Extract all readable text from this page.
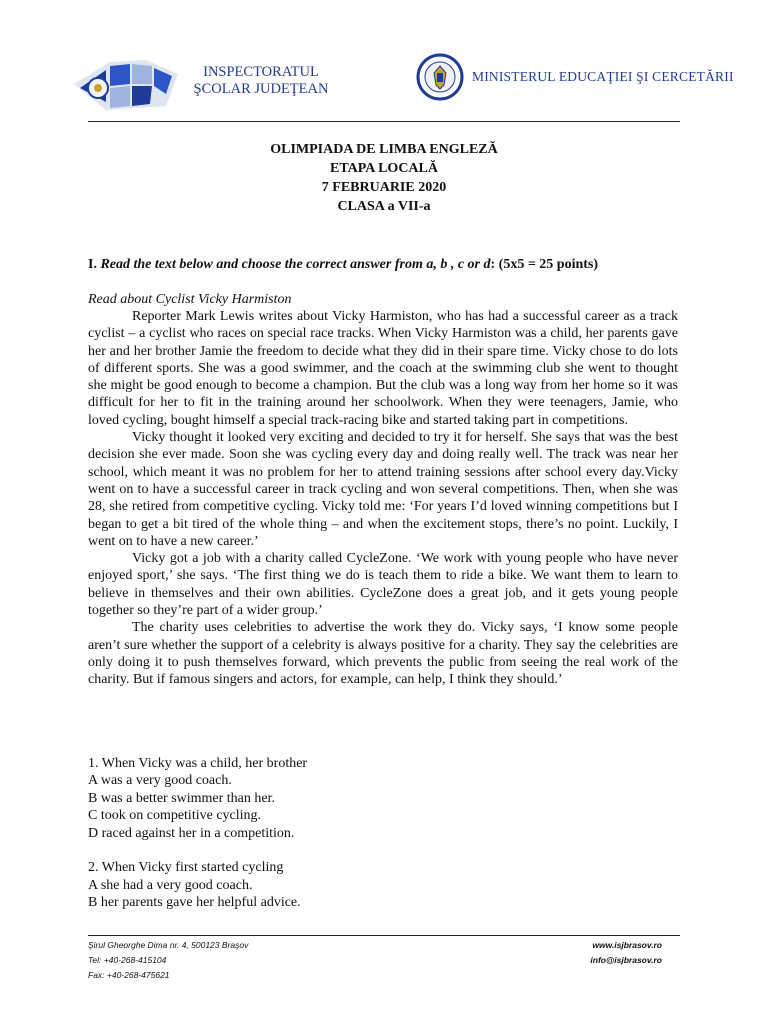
INSPECTORATUL
ŞCOLAR JUDEŢEAN
MINISTERUL EDUCAŢIEI ŞI CERCETĂRII
OLIMPIADA DE LIMBA ENGLEZĂ
ETAPA LOCALĂ
7 FEBRUARIE 2020
CLASA a VII-a
I. Read the text below and choose the correct answer from a, b , c or d: (5x5 = 25 points)
Read about Cyclist Vicky Harmiston

Reporter Mark Lewis writes about Vicky Harmiston, who has had a successful career as a track cyclist – a cyclist who races on special race tracks. When Vicky Harmiston was a child, her parents gave her and her brother Jamie the freedom to decide what they did in their spare time. Vicky chose to do lots of different sports. She was a good swimmer, and the coach at the swimming club she went to thought she might be good enough to become a champion. But the club was a long way from her home so it was difficult for her to fit in the training around her schoolwork. When they were teenagers, Jamie, who loved cycling, bought himself a special track-racing bike and started taking part in competitions.

Vicky thought it looked very exciting and decided to try it for herself. She says that was the best decision she ever made. Soon she was cycling every day and doing really well. The track was near her school, which meant it was no problem for her to attend training sessions after school every day.Vicky went on to have a successful career in track cycling and won several competitions. Then, when she was 28, she retired from competitive cycling. Vicky told me: ‘For years I’d loved winning competitions but I began to get a bit tired of the whole thing – and when the excitement stops, there’s no point. Luckily, I went on to have a new career.’

Vicky got a job with a charity called CycleZone. ‘We work with young people who have never enjoyed sport,’ she says. ‘The first thing we do is teach them to ride a bike. We want them to learn to believe in themselves and their own abilities. CycleZone does a great job, and it gets young people together so they’re part of a wider group.’

The charity uses celebrities to advertise the work they do. Vicky says, ‘I know some people aren’t sure whether the support of a celebrity is always positive for a charity. They say the celebrities are only doing it to push themselves forward, which prevents the public from seeing the real work of the charity. But if famous singers and actors, for example, can help, I think they should.’

1. When Vicky was a child, her brother
A was a very good coach.
B was a better swimmer than her.
C took on competitive cycling.
D raced against her in a competition.
2. When Vicky first started cycling
A she had a very good coach.
B her parents gave her helpful advice.
Şirul Gheorghe Dima nr. 4, 500123 Braşov
Tel: +40-268-415104
Fax: +40-268-475621
www.isjbrasov.ro
info@isjbrasov.ro
